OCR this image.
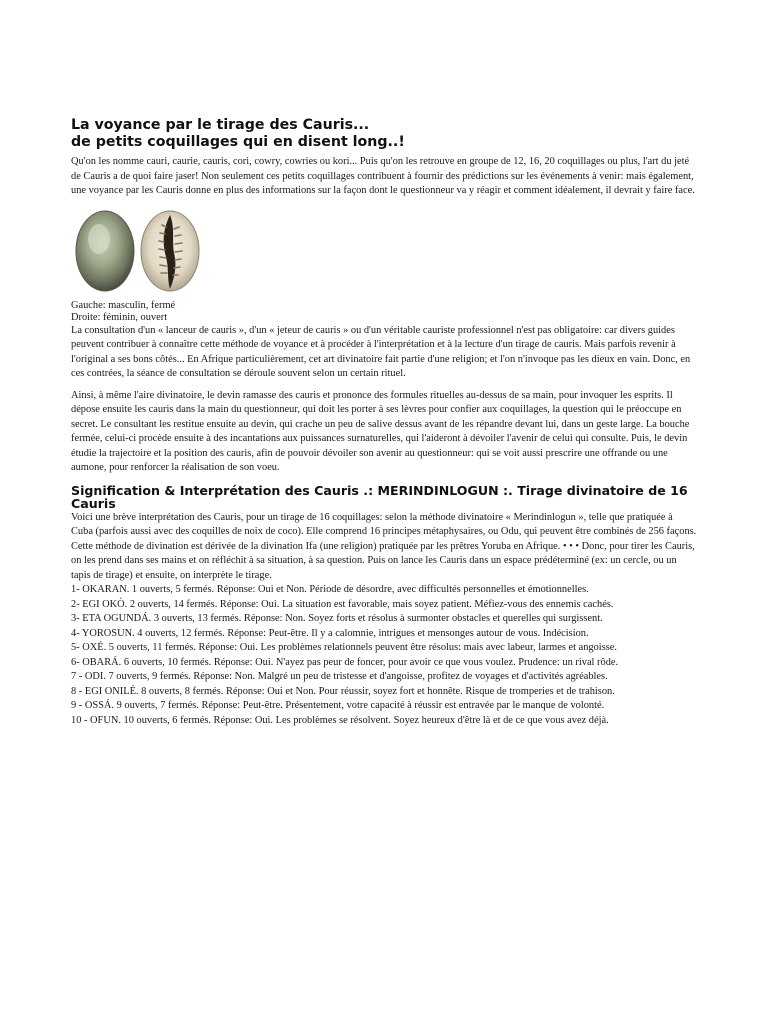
La voyance par le tirage des Cauris...
de petits coquillages qui en disent long..!

Qu'on les nomme cauri, caurie, cauris, cori, cowry, cowries ou kori... Puis qu'on les retrouve en groupe de 12, 16, 20 coquillages ou plus, l'art du jeté de Cauris a de quoi faire jaser! Non seulement ces petits coquillages contribuent à fournir des prédictions sur les événements à venir: mais également, une voyance par les Cauris donne en plus des informations sur la façon dont le questionneur va y réagir et comment idéalement, il devrait y faire face.

Gauche: masculin, fermé

Droite: féminin, ouvert

La consultation d'un « lanceur de cauris », d'un « jeteur de cauris » ou d'un véritable cauriste professionnel n'est pas obligatoire: car divers guides peuvent contribuer à connaître cette méthode de voyance et à procéder à l'interprétation et à la lecture d'un tirage de cauris. Mais parfois revenir à l'original a ses bons côtés... En Afrique particulièrement, cet art divinatoire fait partie d'une religion; et l'on n'invoque pas les dieux en vain. Donc, en ces contrées, la séance de consultation se déroule souvent selon un certain rituel.

Ainsi, à même l'aire divinatoire, le devin ramasse des cauris et prononce des formules rituelles au-dessus de sa main, pour invoquer les esprits. Il dépose ensuite les cauris dans la main du questionneur, qui doit les porter à ses lèvres pour confier aux coquillages, la question qui le préoccupe en secret. Le consultant les restitue ensuite au devin, qui crache un peu de salive dessus avant de les répandre devant lui, dans un geste large. La bouche fermée, celui-ci procède ensuite à des incantations aux puissances surnaturelles, qui l'aideront à dévoiler l'avenir de celui qui consulte. Puis, le devin étudie la trajectoire et la position des cauris, afin de pouvoir dévoiler son avenir au questionneur: qui se voit aussi prescrire une offrande ou une aumone, pour renforcer la réalisation de son voeu.

Signification & Interprétation des Cauris .: MERINDINLOGUN :. Tirage divinatoire de 16 Cauris

Voici une brève interprétation des Cauris, pour un tirage de 16 coquillages: selon la méthode divinatoire « Merindinlogun », telle que pratiquée à Cuba (parfois aussi avec des coquilles de noix de coco). Elle comprend 16 principes métaphysaires, ou Odu, qui peuvent être combinés de 256 façons. Cette méthode de divination est dérivée de la divination Ifa (une religion) pratiquée par les prêtres Yoruba en Afrique. • • • Donc, pour tirer les Cauris, on les prend dans ses mains et on réfléchit à sa situation, à sa question. Puis on lance les Cauris dans un espace prédéterminé (ex: un cercle, ou un tapis de tirage) et ensuite, on interprète le tirage.

1- OKARAN. 1 ouverts, 5 fermés. Réponse: Oui et Non. Période de désordre, avec difficultés personnelles et émotionnelles.

2- EGI OKÒ. 2 ouverts, 14 fermés. Réponse: Oui. La situation est favorable, mais soyez patient. Méfiez-vous des ennemis cachés.

3- ETA OGUNDÁ. 3 ouverts, 13 fermés. Réponse: Non. Soyez forts et résolus à surmonter obstacles et querelles qui surgissent.

4- YOROSUN. 4 ouverts, 12 fermés. Réponse: Peut-être. Il y a calomnie, intrigues et mensonges autour de vous. Indécision.

5- OXÉ. 5 ouverts, 11 fermés. Réponse: Oui. Les problèmes relationnels peuvent être résolus: mais avec labeur, larmes et angoisse.

6- OBARÁ. 6 ouverts, 10 fermés. Réponse: Oui. N'ayez pas peur de foncer, pour avoir ce que vous voulez. Prudence: un rival rôde.

7 - ODI. 7 ouverts, 9 fermés. Réponse: Non. Malgré un peu de tristesse et d'angoisse, profitez de voyages et d'activités agréables.

8 - EGI ONILÉ. 8 ouverts, 8 fermés. Réponse: Oui et Non. Pour réussir, soyez fort et honnête. Risque de tromperies et de trahison.

9 - OSSÁ. 9 ouverts, 7 fermés. Réponse: Peut-être. Présentement, votre capacité à réussir est entravée par le manque de volonté.

10 - OFUN. 10 ouverts, 6 fermés. Réponse: Oui. Les problèmes se résolvent. Soyez heureux d'être là et de ce que vous avez déjà.
